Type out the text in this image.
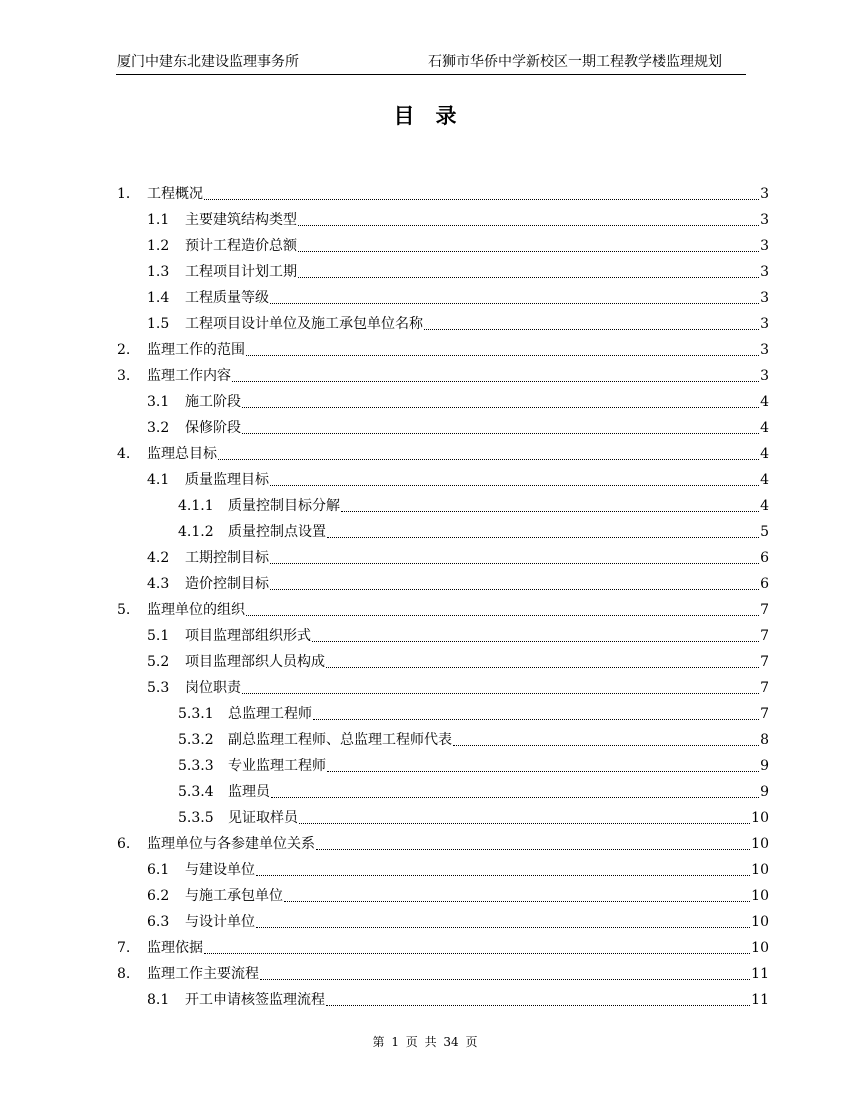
厦门中建东北建设监理事务所	石狮市华侨中学新校区一期工程教学楼监理规划
目　录
1． 工程概况	3
1.1	主要建筑结构类型	3
1.2	预计工程造价总额	3
1.3	工程项目计划工期	3
1.4	工程质量等级	3
1.5	工程项目设计单位及施工承包单位名称	3
2.	监理工作的范围	3
3.	监理工作内容	3
3.1	施工阶段	4
3.2	保修阶段	4
4.	监理总目标	4
4.1	质量监理目标	4
4.1.1	质量控制目标分解	4
4.1.2	质量控制点设置	5
4.2	工期控制目标	6
4.3	造价控制目标	6
5.	监理单位的组织	7
5.1	项目监理部组织形式	7
5.2	项目监理部织人员构成	7
5.3	岗位职责	7
5.3.1	总监理工程师	7
5.3.2	副总监理工程师、总监理工程师代表	8
5.3.3	专业监理工程师	9
5.3.4	监理员	9
5.3.5	见证取样员	10
6.	监理单位与各参建单位关系	10
6.1	与建设单位	10
6.2	与施工承包单位	10
6.3	与设计单位	10
7.	监理依据	10
8.	监理工作主要流程	11
8.1	开工申请核签监理流程	11
第 1 页 共 34 页
